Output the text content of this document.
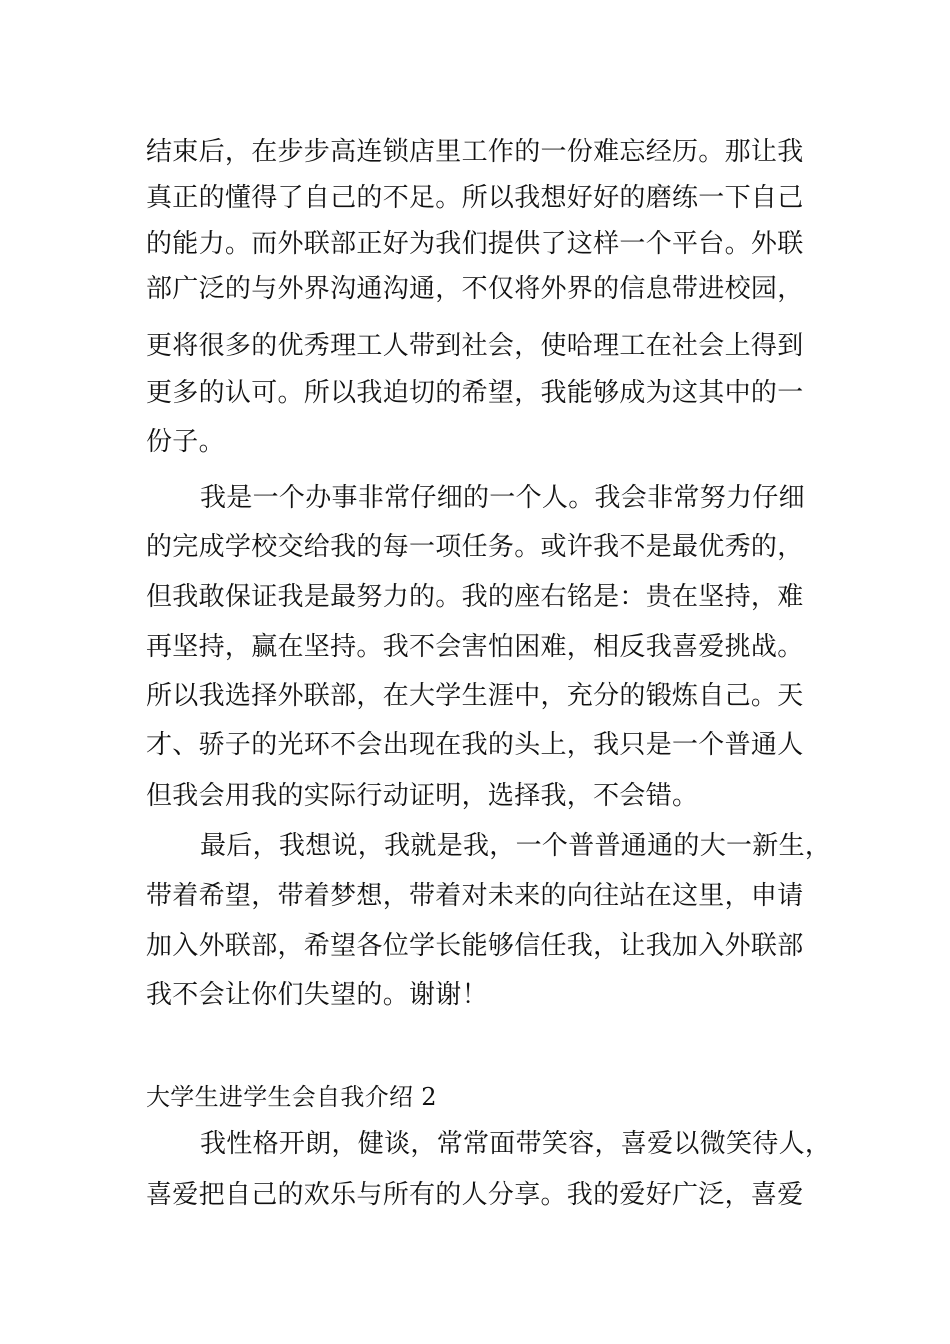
结束后，在步步高连锁店里工作的一份难忘经历。那让我
真正的懂得了自己的不足。所以我想好好的磨练一下自己
的能力。而外联部正好为我们提供了这样一个平台。外联
部广泛的与外界沟通沟通，不仅将外界的信息带进校园，
更将很多的优秀理工人带到社会，使哈理工在社会上得到
更多的认可。所以我迫切的希望，我能够成为这其中的一
份子。
我是一个办事非常仔细的一个人。我会非常努力仔细
的完成学校交给我的每一项任务。或许我不是最优秀的，
但我敢保证我是最努力的。我的座右铭是：贵在坚持，难
再坚持，赢在坚持。我不会害怕困难，相反我喜爱挑战。
所以我选择外联部，在大学生涯中，充分的锻炼自己。天
才、骄子的光环不会出现在我的头上，我只是一个普通人
但我会用我的实际行动证明，选择我，不会错。
最后，我想说，我就是我，一个普普通通的大一新生，
带着希望，带着梦想，带着对未来的向往站在这里，申请
加入外联部，希望各位学长能够信任我，让我加入外联部
我不会让你们失望的。谢谢！
大学生进学生会自我介绍 2
我性格开朗，健谈，常常面带笑容，喜爱以微笑待人，
喜爱把自己的欢乐与所有的人分享。我的爱好广泛，喜爱
